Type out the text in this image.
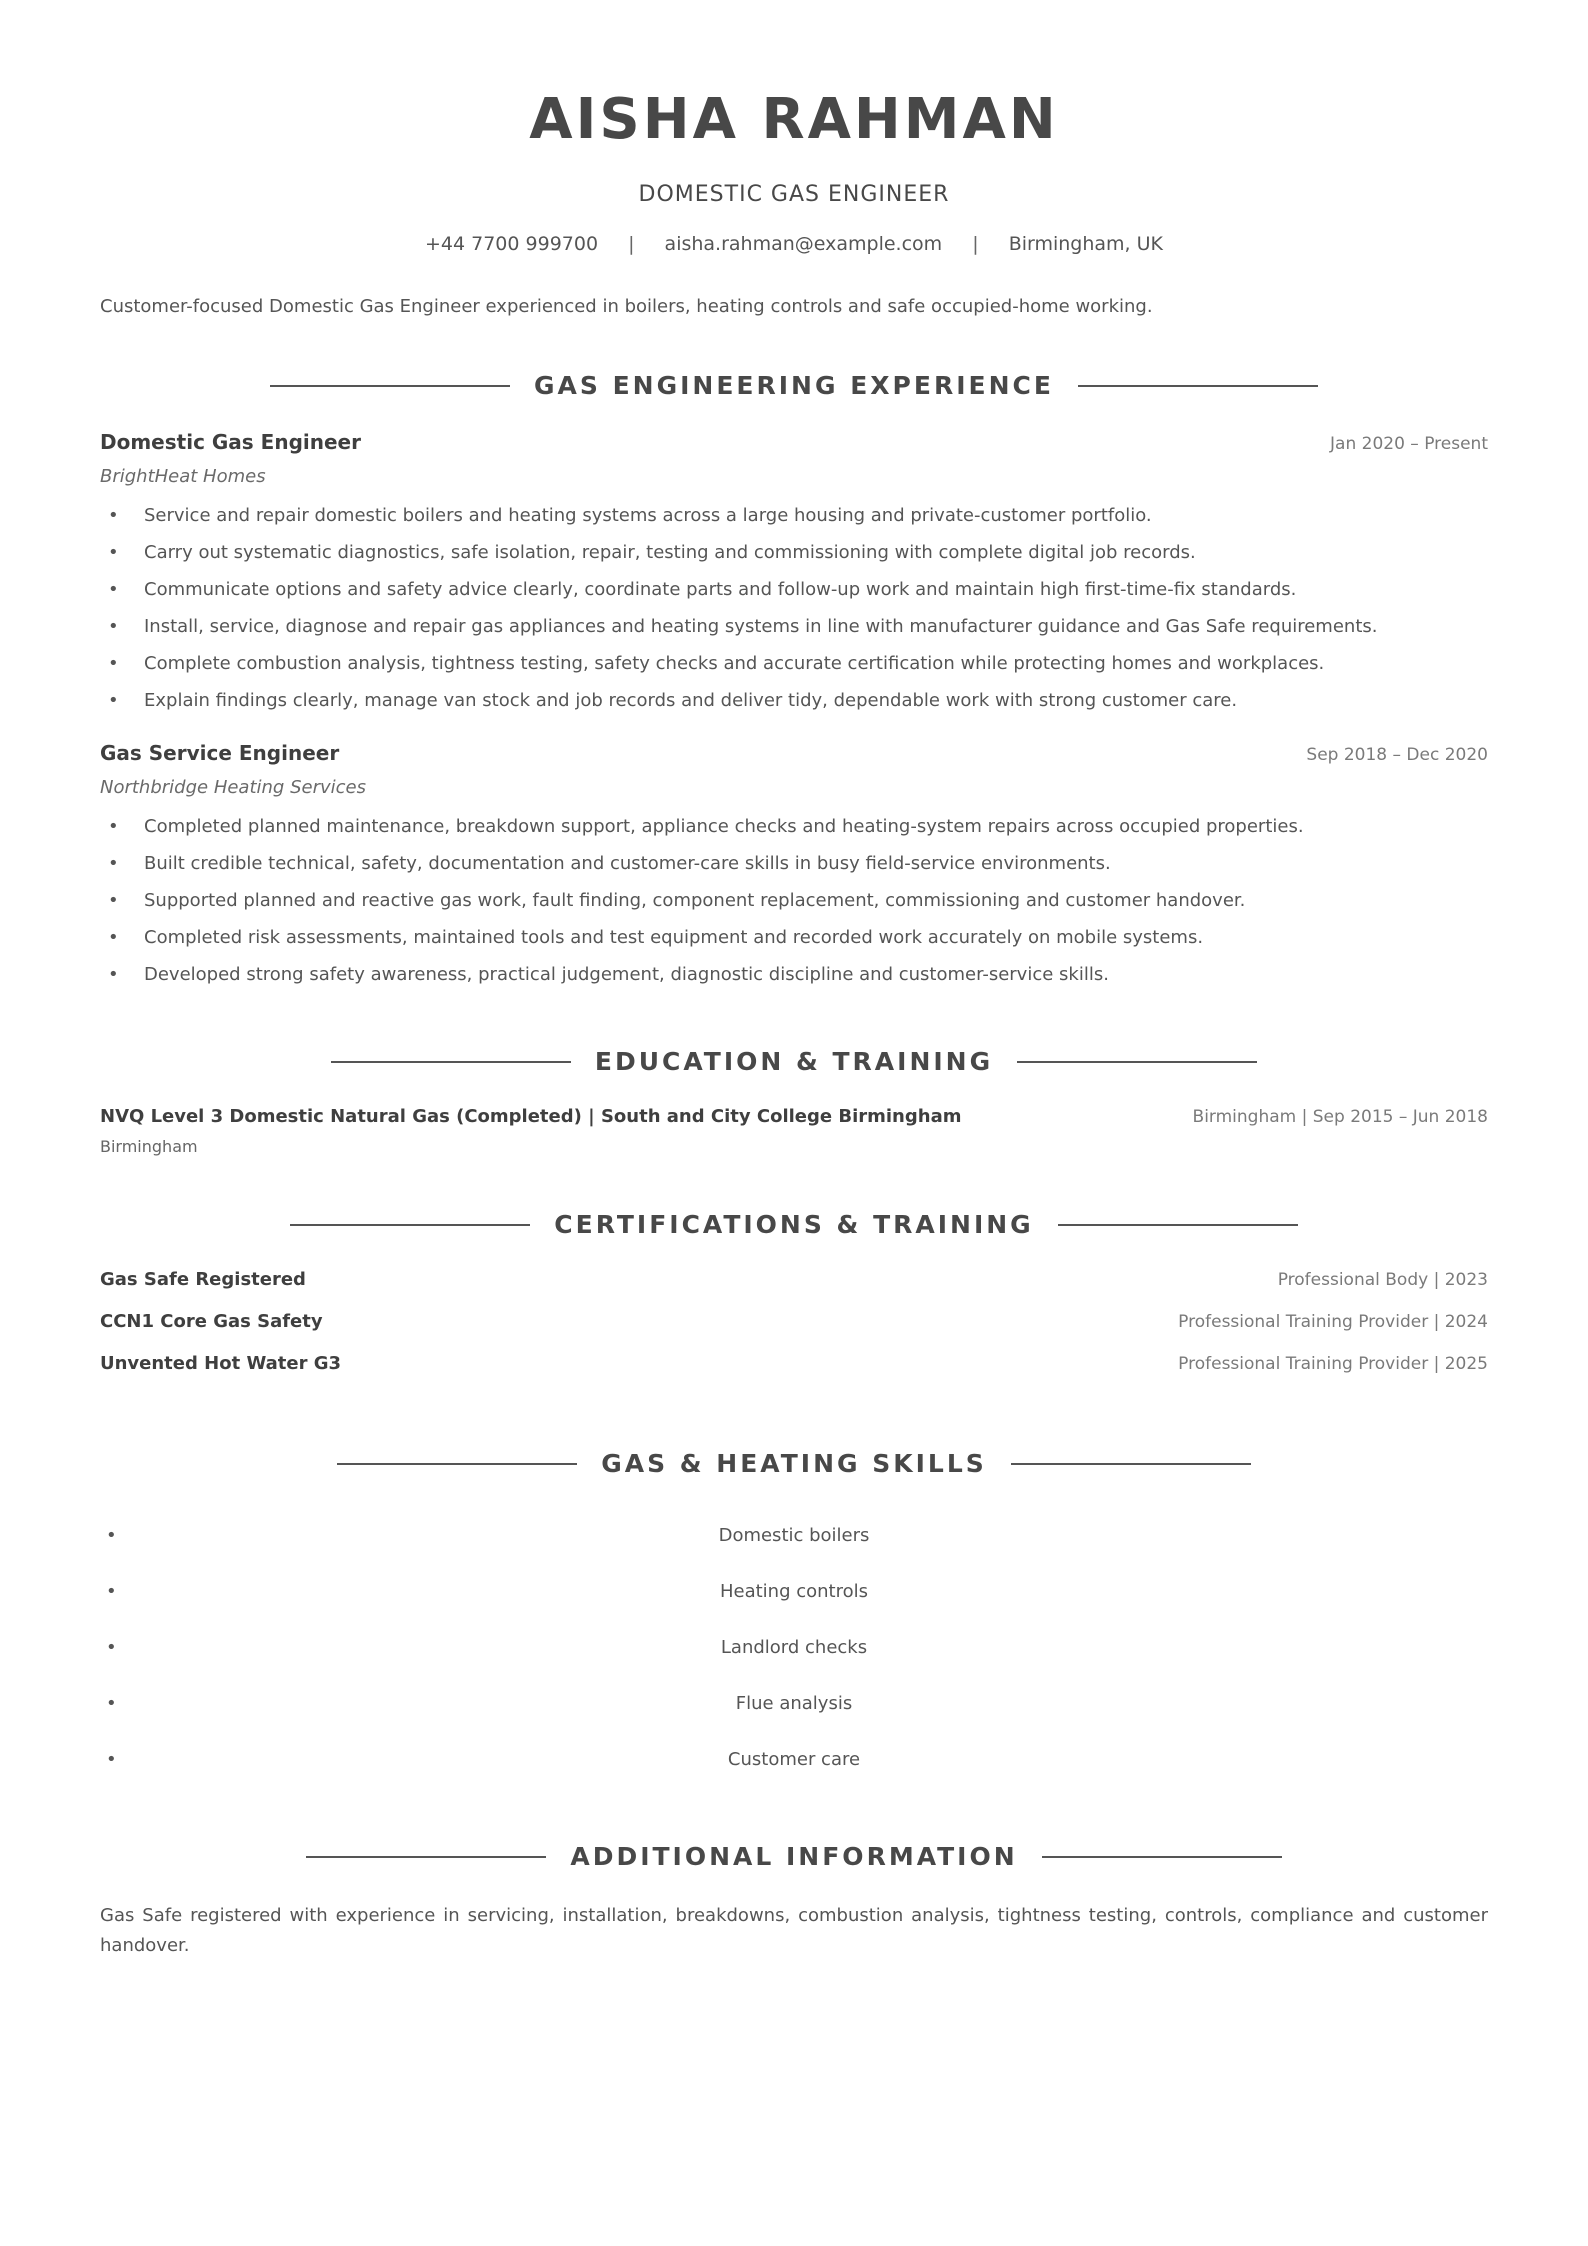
AISHA RAHMAN
DOMESTIC GAS ENGINEER
+44 7700 999700 | aisha.rahman@example.com | Birmingham, UK
Customer-focused Domestic Gas Engineer experienced in boilers, heating controls and safe occupied-home working.
GAS ENGINEERING EXPERIENCE
Domestic Gas Engineer	Jan 2020 – Present
BrightHeat Homes
• Service and repair domestic boilers and heating systems across a large housing and private-customer portfolio.
• Carry out systematic diagnostics, safe isolation, repair, testing and commissioning with complete digital job records.
• Communicate options and safety advice clearly, coordinate parts and follow-up work and maintain high first-time-fix standards.
• Install, service, diagnose and repair gas appliances and heating systems in line with manufacturer guidance and Gas Safe requirements.
• Complete combustion analysis, tightness testing, safety checks and accurate certification while protecting homes and workplaces.
• Explain findings clearly, manage van stock and job records and deliver tidy, dependable work with strong customer care.
Gas Service Engineer	Sep 2018 – Dec 2020
Northbridge Heating Services
• Completed planned maintenance, breakdown support, appliance checks and heating-system repairs across occupied properties.
• Built credible technical, safety, documentation and customer-care skills in busy field-service environments.
• Supported planned and reactive gas work, fault finding, component replacement, commissioning and customer handover.
• Completed risk assessments, maintained tools and test equipment and recorded work accurately on mobile systems.
• Developed strong safety awareness, practical judgement, diagnostic discipline and customer-service skills.
EDUCATION & TRAINING
NVQ Level 3 Domestic Natural Gas (Completed) | South and City College Birmingham	Birmingham | Sep 2015 – Jun 2018
Birmingham
CERTIFICATIONS & TRAINING
Gas Safe Registered	Professional Body | 2023
CCN1 Core Gas Safety	Professional Training Provider | 2024
Unvented Hot Water G3	Professional Training Provider | 2025
GAS & HEATING SKILLS
• Domestic boilers
• Heating controls
• Landlord checks
• Flue analysis
• Customer care
ADDITIONAL INFORMATION
Gas Safe registered with experience in servicing, installation, breakdowns, combustion analysis, tightness testing, controls, compliance and customer handover.
